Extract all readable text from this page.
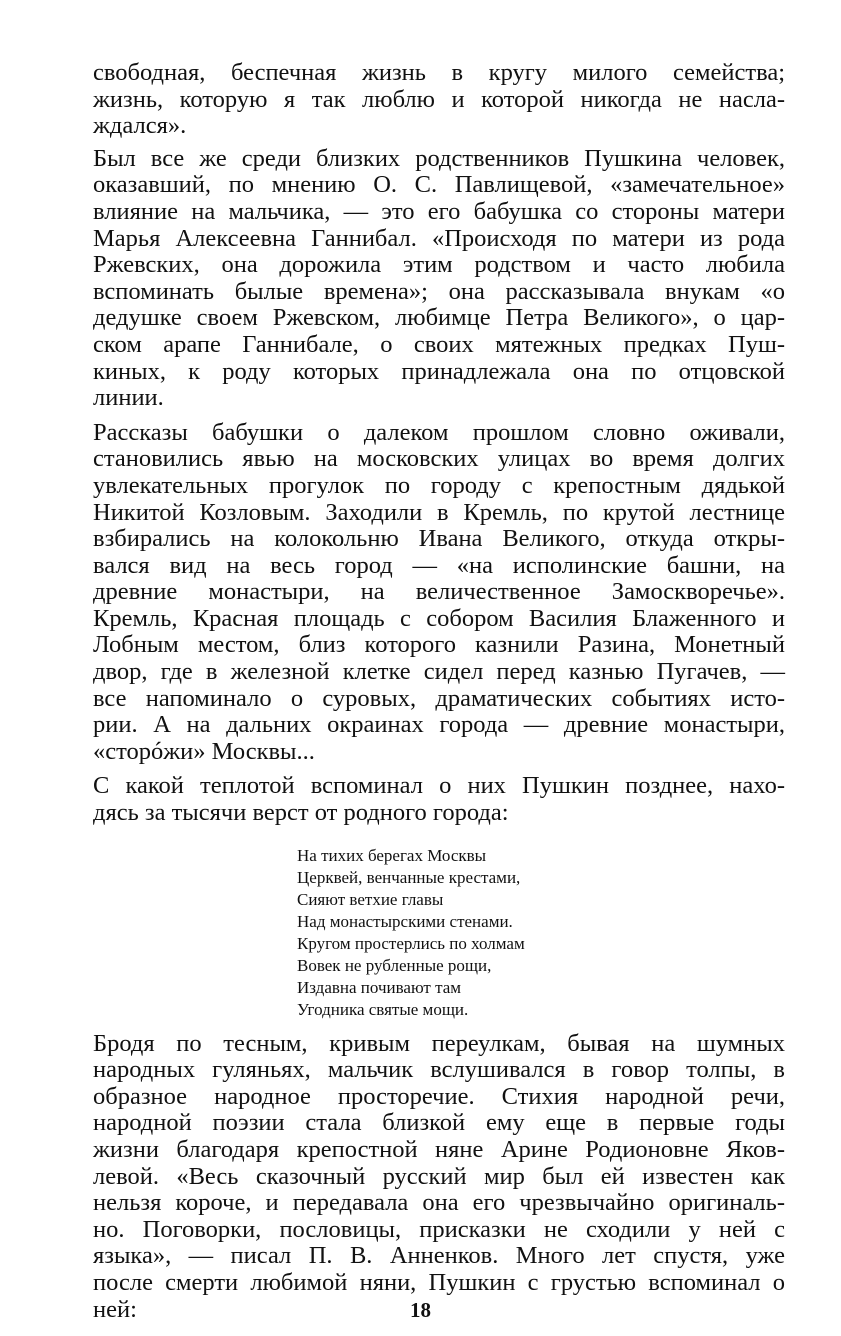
свободная, беспечная жизнь в кругу милого семейства;
жизнь, которую я так люблю и которой никогда не насла-
ждался».

Был все же среди близких родственников Пушкина человек,
оказавший, по мнению О. С. Павлищевой, «замечательное»
влияние на мальчика, — это его бабушка со стороны матери
Марья Алексеевна Ганнибал. «Происходя по матери из рода
Ржевских, она дорожила этим родством и часто любила
вспоминать былые времена»; она рассказывала внукам «о
дедушке своем Ржевском, любимце Петра Великого», о цар-
ском арапе Ганнибале, о своих мятежных предках Пуш-
киных, к роду которых принадлежала она по отцовской
линии.

Рассказы бабушки о далеком прошлом словно оживали,
становились явью на московских улицах во время долгих
увлекательных прогулок по городу с крепостным дядькой
Никитой Козловым. Заходили в Кремль, по крутой лестнице
взбирались на колокольню Ивана Великого, откуда откры-
вался вид на весь город — «на исполинские башни, на
древние монастыри, на величественное Замоскворечье».
Кремль, Красная площадь с собором Василия Блаженного и
Лобным местом, близ которого казнили Разина, Монетный
двор, где в железной клетке сидел перед казнью Пугачев, —
все напоминало о суровых, драматических событиях исто-
рии. А на дальних окраинах города — древние монастыри,
«сторóжи» Москвы...

С какой теплотой вспоминал о них Пушкин позднее, нахо-
дясь за тысячи верст от родного города:

На тихих берегах Москвы
Церквей, венчанные крестами,
Сияют ветхие главы
Над монастырскими стенами.
Кругом простерлись по холмам
Вовек не рубленные рощи,
Издавна почивают там
Угодника святые мощи.

Бродя по тесным, кривым переулкам, бывая на шумных
народных гуляньях, мальчик вслушивался в говор толпы, в
образное народное просторечие. Стихия народной речи,
народной поэзии стала близкой ему еще в первые годы
жизни благодаря крепостной няне Арине Родионовне Яков-
левой. «Весь сказочный русский мир был ей известен как
нельзя короче, и передавала она его чрезвычайно оригиналь-
но. Поговорки, пословицы, присказки не сходили у ней с
языка», — писал П. В. Анненков. Много лет спустя, уже
после смерти любимой няни, Пушкин с грустью вспоминал о
ней:	18
